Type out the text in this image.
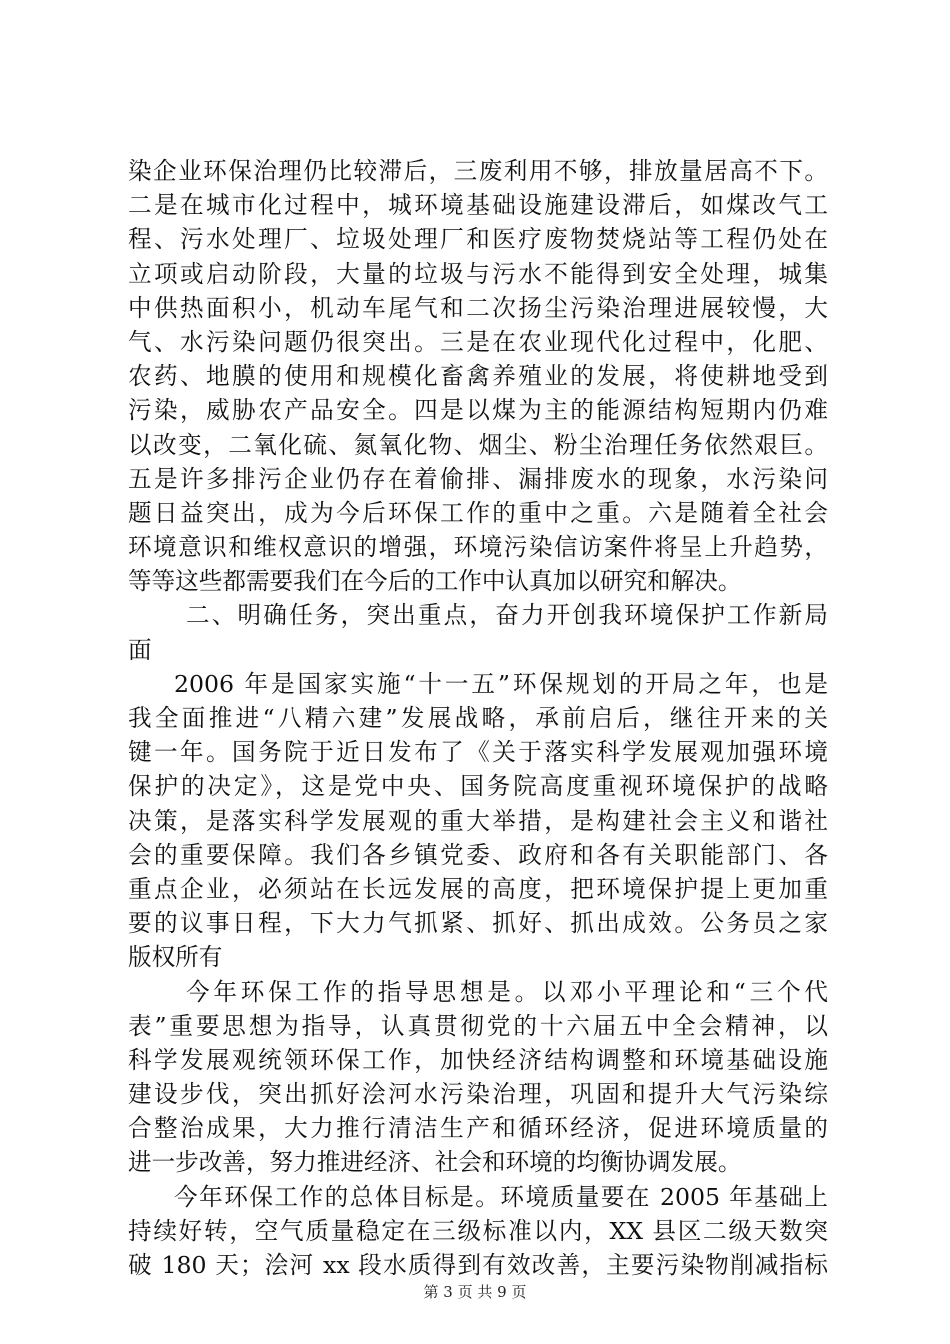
染企业环保治理仍比较滞后，三废利用不够，排放量居高不下。
二是在城市化过程中，城环境基础设施建设滞后，如煤改气工
程、污水处理厂、垃圾处理厂和医疗废物焚烧站等工程仍处在
立项或启动阶段，大量的垃圾与污水不能得到安全处理，城集
中供热面积小，机动车尾气和二次扬尘污染治理进展较慢，大
气、水污染问题仍很突出。三是在农业现代化过程中，化肥、
农药、地膜的使用和规模化畜禽养殖业的发展，将使耕地受到
污染，威胁农产品安全。四是以煤为主的能源结构短期内仍难
以改变，二氧化硫、氮氧化物、烟尘、粉尘治理任务依然艰巨。
五是许多排污企业仍存在着偷排、漏排废水的现象，水污染问
题日益突出，成为今后环保工作的重中之重。六是随着全社会
环境意识和维权意识的增强，环境污染信访案件将呈上升趋势，
等等这些都需要我们在今后的工作中认真加以研究和解决。
二、明确任务，突出重点，奋力开创我环境保护工作新局
面
2006 年是国家实施“十一五”环保规划的开局之年，也是
我全面推进“八精六建”发展战略，承前启后，继往开来的关
键一年。国务院于近日发布了《关于落实科学发展观加强环境
保护的决定》，这是党中央、国务院高度重视环境保护的战略
决策，是落实科学发展观的重大举措，是构建社会主义和谐社
会的重要保障。我们各乡镇党委、政府和各有关职能部门、各
重点企业，必须站在长远发展的高度，把环境保护提上更加重
要的议事日程，下大力气抓紧、抓好、抓出成效。公务员之家
版权所有
今年环保工作的指导思想是。以邓小平理论和“三个代
表”重要思想为指导，认真贯彻党的十六届五中全会精神，以
科学发展观统领环保工作，加快经济结构调整和环境基础设施
建设步伐，突出抓好浍河水污染治理，巩固和提升大气污染综
合整治成果，大力推行清洁生产和循环经济，促进环境质量的
进一步改善，努力推进经济、社会和环境的均衡协调发展。
今年环保工作的总体目标是。环境质量要在 2005 年基础上
持续好转，空气质量稳定在三级标准以内，XX 县区二级天数突
破 180 天；浍河 xx 段水质得到有效改善，主要污染物削减指标
第 3 页 共 9 页
